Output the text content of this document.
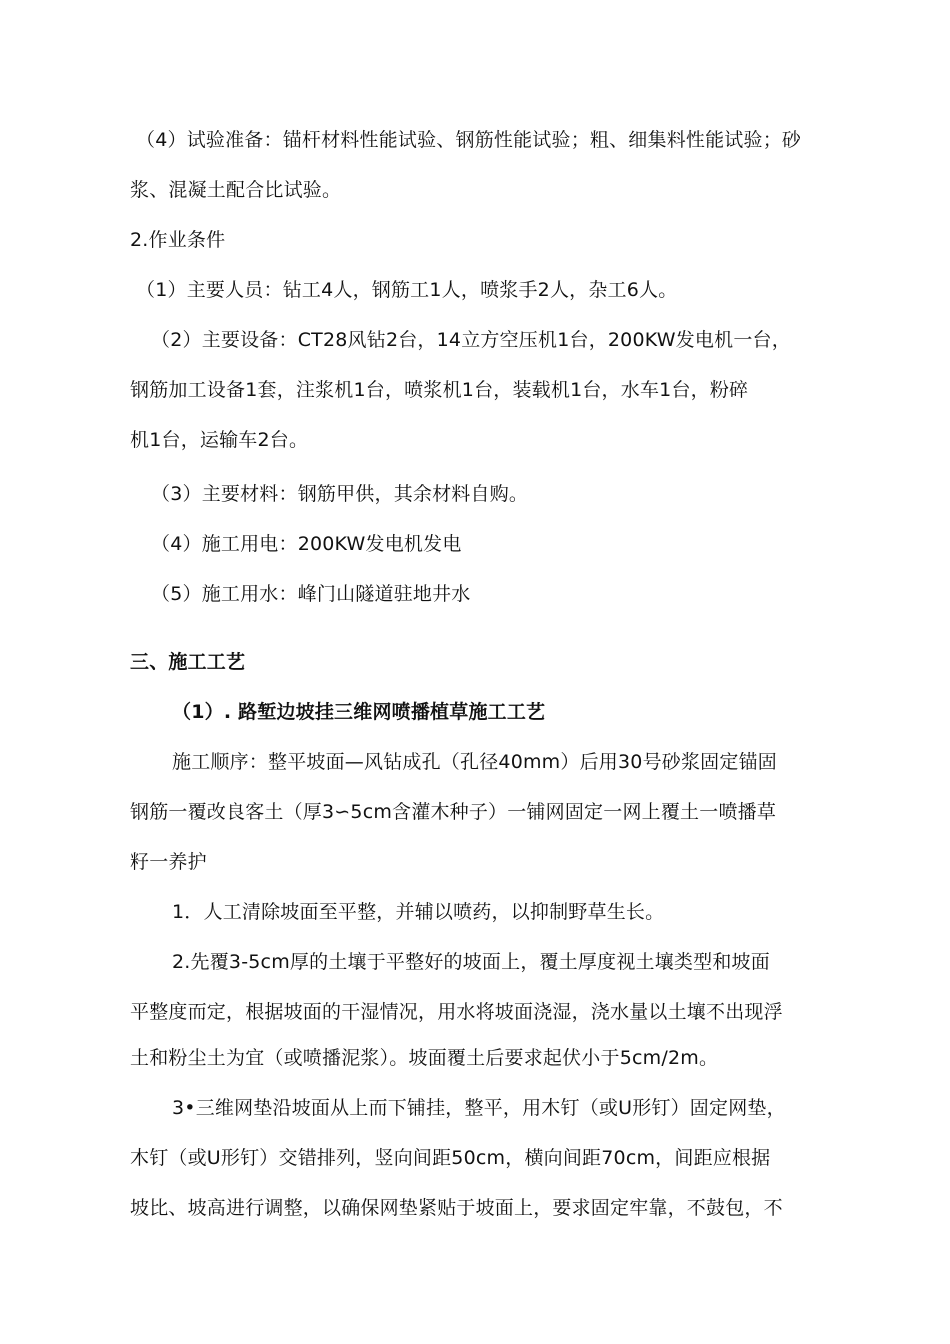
（4）试验准备：锚杆材料性能试验、钢筋性能试验；粗、细集料性能试验；砂
浆、混凝土配合比试验。
2.作业条件
（1）主要人员：钻工4人，钢筋工1人，喷浆手2人，杂工6人。
（2）主要设备：CT28风钻2台，14立方空压机1台，200KW发电机一台，
钢筋加工设备1套，注浆机1台，喷浆机1台，装载机1台，水车1台，粉碎
机1台，运输车2台。
（3）主要材料：钢筋甲供，其余材料自购。
（4）施工用电：200KW发电机发电
（5）施工用水：峰门山隧道驻地井水
三、施工工艺
（1）. 路堑边坡挂三维网喷播植草施工工艺
施工顺序：整平坡面—风钻成孔（孔径40mm）后用30号砂浆固定锚固
钢筋一覆改良客土（厚3∽5cm含灌木种子）一铺网固定一网上覆土一喷播草
籽一养护
1．人工清除坡面至平整，并辅以喷药，以抑制野草生长。
2.先覆3-5cm厚的土壤于平整好的坡面上，覆土厚度视土壤类型和坡面
平整度而定，根据坡面的干湿情况，用水将坡面浇湿，浇水量以土壤不出现浮
土和粉尘土为宜（或喷播泥浆）。坡面覆土后要求起伏小于5cm/2m。
3•三维网垫沿坡面从上而下铺挂，整平，用木钉（或U形钉）固定网垫，
木钉（或U形钉）交错排列，竖向间距50cm，横向间距70cm，间距应根据
坡比、坡高进行调整，以确保网垫紧贴于坡面上，要求固定牢靠，不鼓包，不
